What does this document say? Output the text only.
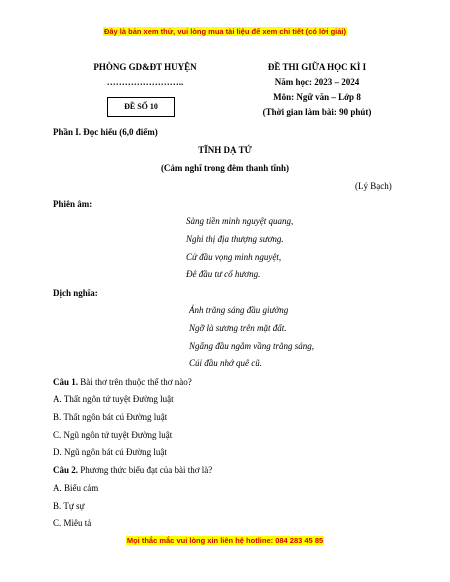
Đây là bản xem thử, vui lòng mua tài liệu để xem chi tiết (có lời giải)
PHÒNG GD&ĐT HUYỆN
……………………..
ĐỀ THI GIỮA HỌC KÌ I
Năm học: 2023 – 2024
Môn: Ngữ văn – Lớp 8
(Thời gian làm bài: 90 phút)
ĐỀ SỐ 10
Phần I. Đọc hiểu (6,0 điểm)
TĨNH DẠ TỨ
(Cảm nghĩ trong đêm thanh tĩnh)
(Lý Bạch)
Phiên âm:
Sàng tiền minh nguyệt quang,
Nghi thị địa thượng sương.
Cử đầu vọng minh nguyệt,
Đê đầu tư cố hương.
Dịch nghĩa:
Ánh trăng sáng đầu giường
Ngỡ là sương trên mặt đất.
Ngẩng đầu ngắm vầng trăng sáng,
Cúi đầu nhớ quê cũ.
Câu 1. Bài thơ trên thuộc thể thơ nào?
A. Thất ngôn tứ tuyệt Đường luật
B. Thất ngôn bát cú Đường luật
C. Ngũ ngôn tứ tuyệt Đường luật
D. Ngũ ngôn bát cú Đường luật
Câu 2. Phương thức biểu đạt của bài thơ là?
A. Biểu cảm
B. Tự sự
C. Miêu tả
Mọi thắc mắc vui lòng xin liên hệ hotline: 084 283 45 85
